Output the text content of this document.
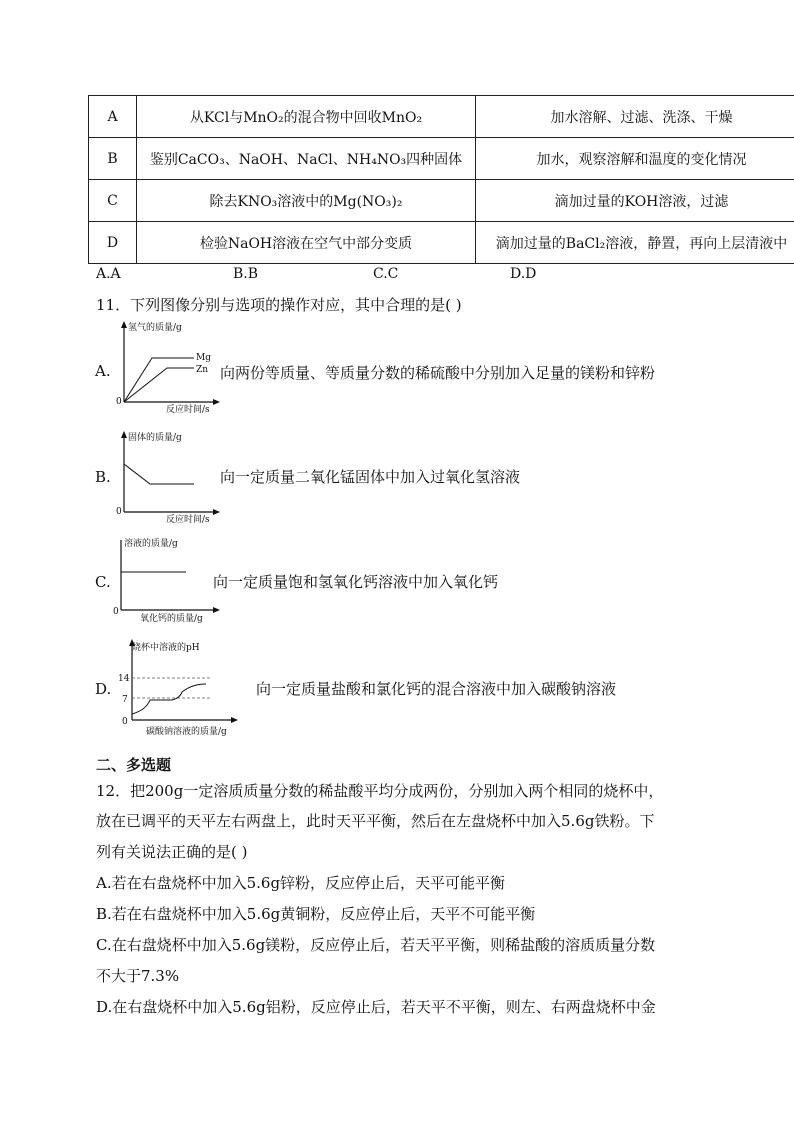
A	从KCl与MnO₂的混合物中回收MnO₂	加水溶解、过滤、洗涤、干燥
B	鉴别CaCO₃、NaOH、NaCl、NH₄NO₃四种固体	加水，观察溶解和温度的变化情况
C	除去KNO₃溶液中的Mg(NO₃)₂	滴加过量的KOH溶液，过滤
D	检验NaOH溶液在空气中部分变质	滴加过量的BaCl₂溶液，静置，再向上层清液中
A.A	B.B	C.C	D.D
11．下列图像分别与选项的操作对应，其中合理的是( )
A.
氢气的质量/g
Mg
Zn
0
反应时间/s
向两份等质量、等质量分数的稀硫酸中分别加入足量的镁粉和锌粉
B.
固体的质量/g
0
反应时间/s
向一定质量二氧化锰固体中加入过氧化氢溶液
C.
溶液的质量/g
0
氧化钙的质量/g
向一定质量饱和氢氧化钙溶液中加入氧化钙
D.
烧杯中溶液的pH
14
7
0
碳酸钠溶液的质量/g
向一定质量盐酸和氯化钙的混合溶液中加入碳酸钠溶液
二、多选题
12．把200g一定溶质质量分数的稀盐酸平均分成两份，分别加入两个相同的烧杯中，
放在已调平的天平左右两盘上，此时天平平衡，然后在左盘烧杯中加入5.6g铁粉。下
列有关说法正确的是( )
A.若在右盘烧杯中加入5.6g锌粉，反应停止后，天平可能平衡
B.若在右盘烧杯中加入5.6g黄铜粉，反应停止后，天平不可能平衡
C.在右盘烧杯中加入5.6g镁粉，反应停止后，若天平平衡，则稀盐酸的溶质质量分数
不大于7.3%
D.在右盘烧杯中加入5.6g铝粉，反应停止后，若天平不平衡，则左、右两盘烧杯中金
